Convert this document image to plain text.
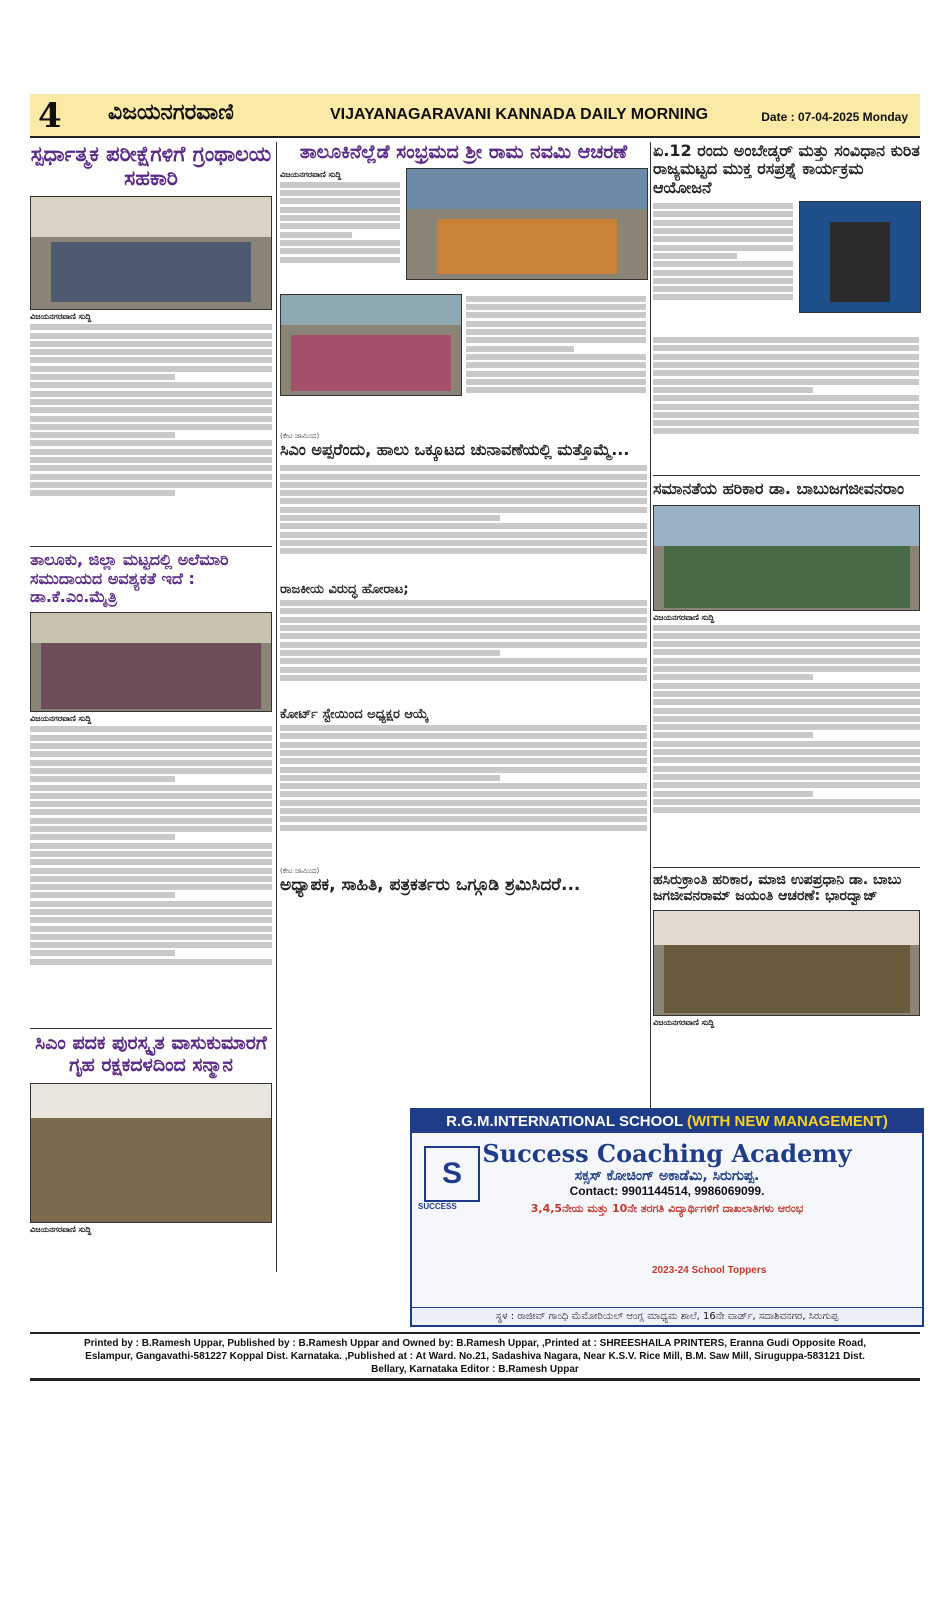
4 ವಿಜಯನಗರವಾಣಿ	VIJAYANAGARAVANI KANNADA DAILY MORNING	Date : 07-04-2025 Monday
ಸ್ಪರ್ಧಾತ್ಮಕ ಪರೀಕ್ಷೆಗಳಿಗೆ ಗ್ರಂಥಾಲಯ ಸಹಕಾರಿ
ವಿಜಯನಗರವಾಣಿ ಸುದ್ದಿ
ತಾಲೂಕು, ಜಿಲ್ಲಾ ಮಟ್ಟದಲ್ಲಿ ಅಲೆಮಾರಿ ಸಮುದಾಯದ ಅವಶ್ಯಕತೆ ಇದೆ : ಡಾ.ಕೆ.ಎಂ.ಮೈತ್ರಿ
ವಿಜಯನಗರವಾಣಿ ಸುದ್ದಿ
ಸಿಎಂ ಪದಕ ಪುರಸ್ಕೃತ ವಾಸುಕುಮಾರಗೆ ಗೃಹ ರಕ್ಷಕದಳದಿಂದ ಸನ್ಮಾನ
ವಿಜಯನಗರವಾಣಿ ಸುದ್ದಿ
ತಾಲೂಕಿನೆಲ್ಲೆಡೆ ಸಂಭ್ರಮದ ಶ್ರೀ ರಾಮ ನವಮಿ ಆಚರಣೆ
ವಿಜಯನಗರವಾಣಿ ಸುದ್ದಿ
(ಕೇಟ ಜಾಮಿಂದ)
ಸಿಎಂ ಅಪ್ಪರೆಂದು, ಹಾಲು ಒಕ್ಕೂಟದ ಚುನಾವಣೆಯಲ್ಲಿ ಮತ್ತೊಮ್ಮೆ...
ರಾಜಕೀಯ ವಿರುದ್ಧ ಹೋರಾಟ;
ಕೋರ್ಟ್ ಸ್ಟೇಯಿಂದ ಅಧ್ಯಕ್ಷರ ಆಯ್ಕೆ
(ಕೇಟ ಜಾಮಿಂದ)
ಅಧ್ಯಾಪಕ, ಸಾಹಿತಿ, ಪತ್ರಕರ್ತರು ಒಗ್ಗೂಡಿ ಶ್ರಮಿಸಿದರೆ...
ಏ.12 ರಂದು ಅಂಬೇಡ್ಕರ್ ಮತ್ತು ಸಂವಿಧಾನ ಕುರಿತ ರಾಜ್ಯಮಟ್ಟದ ಮುಕ್ತ ರಸಪ್ರಶ್ನೆ ಕಾರ್ಯಕ್ರಮ ಆಯೋಜನೆ
ಸಮಾನತೆಯ ಹರಿಕಾರ ಡಾ. ಬಾಬುಜಗಜೀವನರಾಂ
ವಿಜಯನಗರವಾಣಿ ಸುದ್ದಿ
ಹಸಿರುಕ್ರಾಂತಿ ಹರಿಕಾರ, ಮಾಜಿ ಉಪಪ್ರಧಾನಿ ಡಾ. ಬಾಬು ಜಗಜೀವನರಾಮ್ ಜಯಂತಿ ಆಚರಣೆ: ಭಾರದ್ವಾಜ್
ವಿಜಯನಗರವಾಣಿ ಸುದ್ದಿ
R.G.M.INTERNATIONAL SCHOOL (WITH NEW MANAGEMENT)
S
SUCCESS
Success Coaching Academy
ಸಕ್ಸಸ್ ಕೋಚಿಂಗ್ ಅಕಾಡೆಮಿ, ಸಿರುಗುಪ್ಪ.
Contact: 9901144514, 9986069099.
3,4,5ನೇಯ ಮತ್ತು 10ನೇ ತರಗತಿ ವಿದ್ಯಾರ್ಥಿಗಳಿಗೆ ದಾಖಲಾತಿಗಳು ಆರಂಭ
2023-24 School Toppers
ಸ್ಥಳ : ರಾಜೀವ್ ಗಾಂಧಿ ಮೆಮೋರಿಯಲ್ ಆಂಗ್ಲ ಮಾಧ್ಯಮ ಶಾಲೆ, 16ನೇ ವಾರ್ಡ್, ಸದಾಶಿವನಗರ, ಸಿರುಗುಪ್ಪ
Printed by : B.Ramesh Uppar, Published by : B.Ramesh Uppar and Owned by: B.Ramesh Uppar, ,Printed at : SHREESHAILA PRINTERS, Eranna Gudi Opposite Road,
Eslampur, Gangavathi-581227 Koppal Dist. Karnataka. ,Published at : At Ward. No.21, Sadashiva Nagara, Near K.S.V. Rice Mill, B.M. Saw Mill, Siruguppa-583121 Dist.
Bellary, Karnataka Editor : B.Ramesh Uppar
